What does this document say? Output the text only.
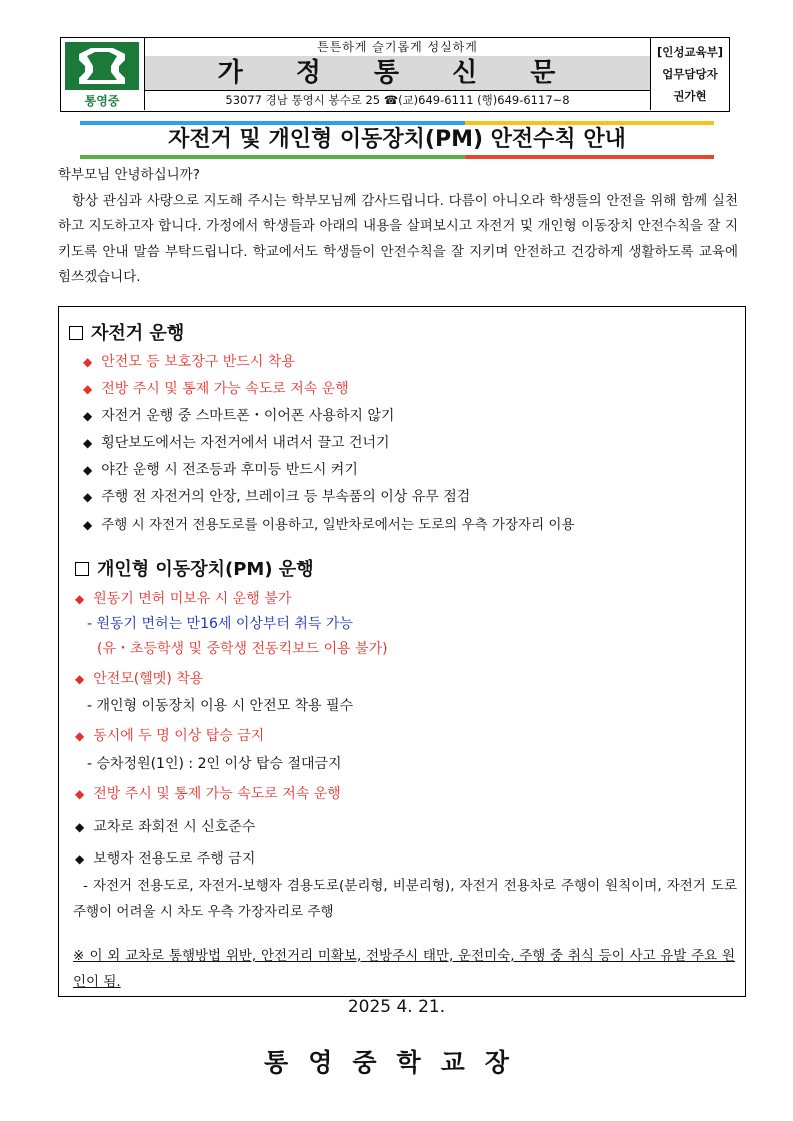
통영중
튼튼하게 슬기롭게 성실하게
가 정 통 신 문
53077 경남 통영시 봉수로 25 ☎(교)649-6111 (행)649-6117~8
[인성교육부]
업무담당자
권가현
자전거 및 개인형 이동장치(PM) 안전수칙 안내

학부모님 안녕하십니까?

항상 관심과 사랑으로 지도해 주시는 학부모님께 감사드립니다. 다름이 아니오라 학생들의 안전을 위해 함께 실천하고 지도하고자 합니다. 가정에서 학생들과 아래의 내용을 살펴보시고 자전거 및 개인형 이동장치 안전수칙을 잘 지키도록 안내 말씀 부탁드립니다. 학교에서도 학생들이 안전수칙을 잘 지키며 안전하고 건강하게 생활하도록 교육에 힘쓰겠습니다.

자전거 운행
◆ 안전모 등 보호장구 반드시 착용
◆ 전방 주시 및 통제 가능 속도로 저속 운행
◆ 자전거 운행 중 스마트폰・이어폰 사용하지 않기
◆ 횡단보도에서는 자전거에서 내려서 끌고 건너기
◆ 야간 운행 시 전조등과 후미등 반드시 켜기
◆ 주행 전 자전거의 안장, 브레이크 등 부속품의 이상 유무 점검
◆ 주행 시 자전거 전용도로를 이용하고, 일반차로에서는 도로의 우측 가장자리 이용
개인형 이동장치(PM) 운행
◆ 원동기 면허 미보유 시 운행 불가
- 원동기 면허는 만16세 이상부터 취득 가능
(유・초등학생 및 중학생 전동킥보드 이용 불가)
◆ 안전모(헬멧) 착용
- 개인형 이동장치 이용 시 안전모 착용 필수
◆ 동시에 두 명 이상 탑승 금지
- 승차정원(1인) : 2인 이상 탑승 절대금지
◆ 전방 주시 및 통제 가능 속도로 저속 운행
◆ 교차로 좌회전 시 신호준수
◆ 보행자 전용도로 주행 금지
- 자전거 전용도로, 자전거-보행자 겸용도로(분리형, 비분리형), 자전거 전용차로 주행이 원칙이며, 자전거 도로 주행이 어려울 시 차도 우측 가장자리로 주행
※ 이 외 교차로 통행방법 위반, 안전거리 미확보, 전방주시 태만, 운전미숙, 주행 중 취식 등이 사고 유발 주요 원인이 됨.
2025 4. 21.
통영중학교장
